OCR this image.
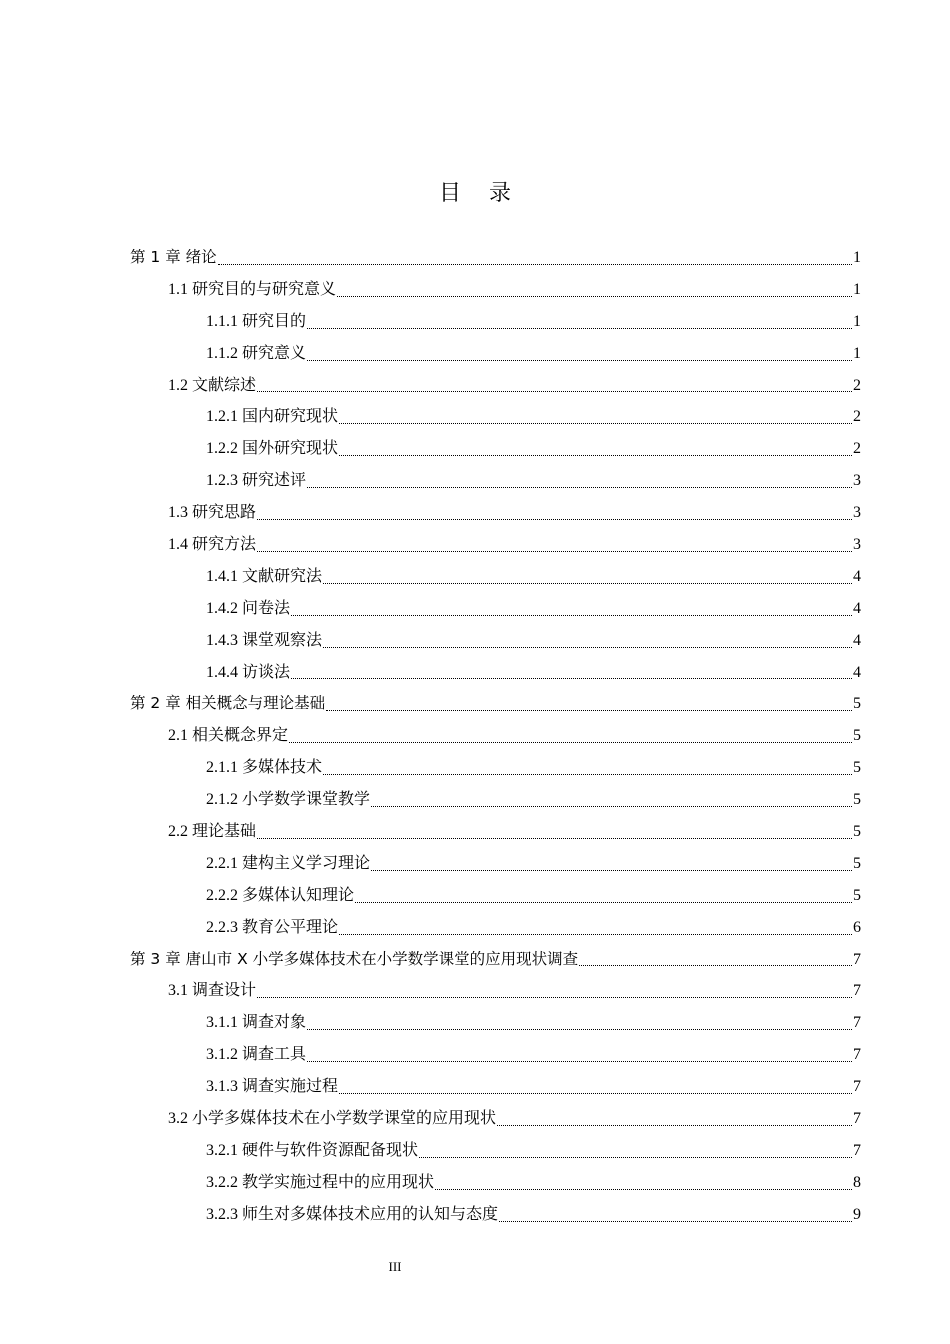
目录
第 1 章 绪论	1
1.1 研究目的与研究意义	1
1.1.1 研究目的	1
1.1.2 研究意义	1
1.2 文献综述	2
1.2.1 国内研究现状	2
1.2.2 国外研究现状	2
1.2.3 研究述评	3
1.3 研究思路	3
1.4 研究方法	3
1.4.1 文献研究法	4
1.4.2 问卷法	4
1.4.3 课堂观察法	4
1.4.4 访谈法	4
第 2 章 相关概念与理论基础	5
2.1 相关概念界定	5
2.1.1 多媒体技术	5
2.1.2 小学数学课堂教学	5
2.2 理论基础	5
2.2.1 建构主义学习理论	5
2.2.2 多媒体认知理论	5
2.2.3 教育公平理论	6
第 3 章 唐山市 X 小学多媒体技术在小学数学课堂的应用现状调查	7
3.1 调查设计	7
3.1.1 调查对象	7
3.1.2 调查工具	7
3.1.3 调查实施过程	7
3.2 小学多媒体技术在小学数学课堂的应用现状	7
3.2.1 硬件与软件资源配备现状	7
3.2.2 教学实施过程中的应用现状	8
3.2.3 师生对多媒体技术应用的认知与态度	9
III
